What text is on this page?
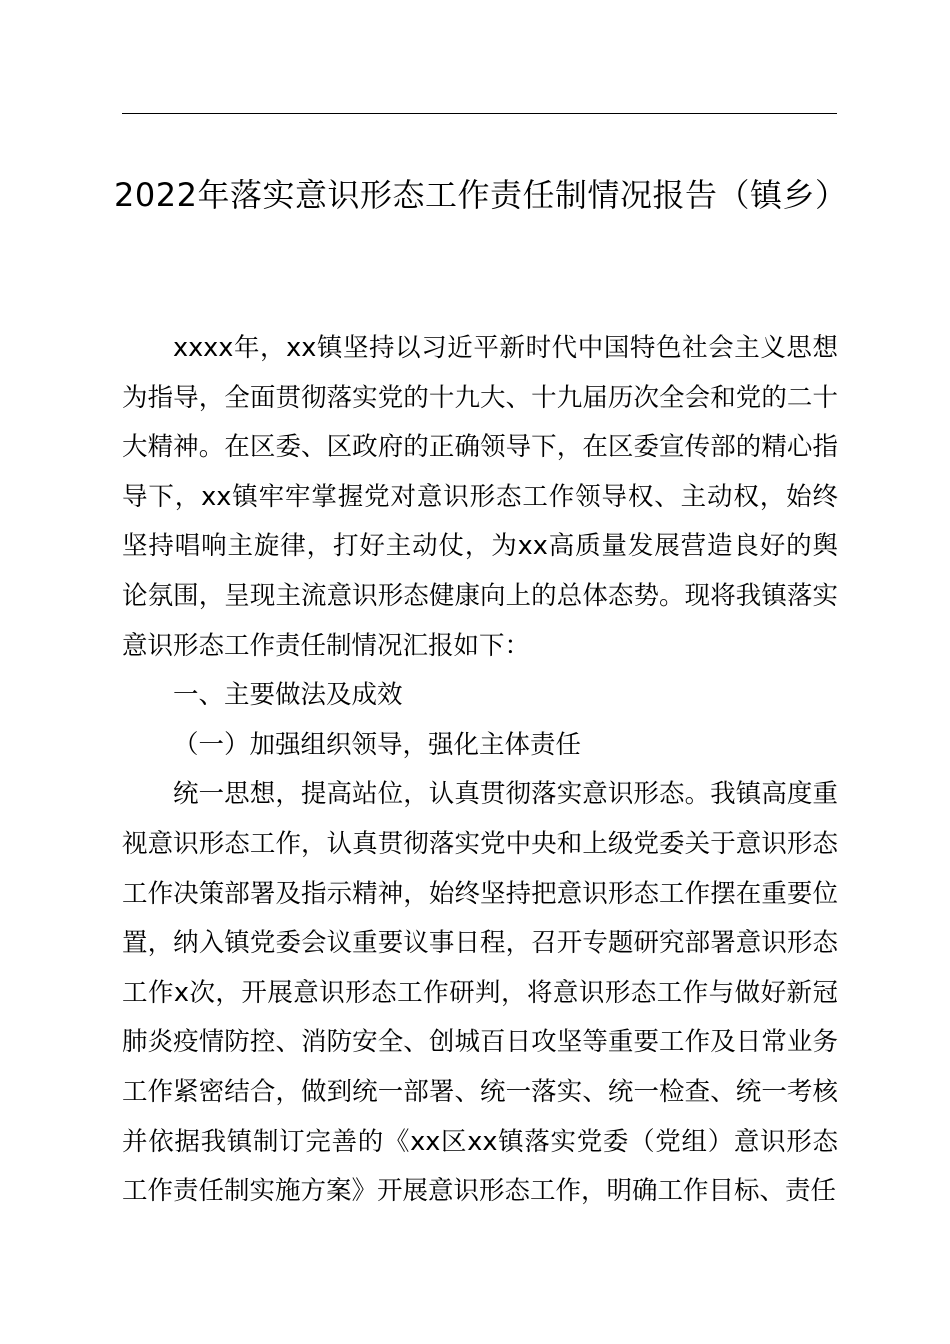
2022年落实意识形态工作责任制情况报告（镇乡）

xxxx年，xx镇坚持以习近平新时代中国特色社会主义思想为指导，全面贯彻落实党的十九大、十九届历次全会和党的二十大精神。在区委、区政府的正确领导下，在区委宣传部的精心指导下，xx镇牢牢掌握党对意识形态工作领导权、主动权，始终坚持唱响主旋律，打好主动仗，为xx高质量发展营造良好的舆论氛围，呈现主流意识形态健康向上的总体态势。现将我镇落实意识形态工作责任制情况汇报如下：

一、主要做法及成效

（一）加强组织领导，强化主体责任

统一思想，提高站位，认真贯彻落实意识形态。我镇高度重视意识形态工作，认真贯彻落实党中央和上级党委关于意识形态工作决策部署及指示精神，始终坚持把意识形态工作摆在重要位置，纳入镇党委会议重要议事日程，召开专题研究部署意识形态工作x次，开展意识形态工作研判，将意识形态工作与做好新冠肺炎疫情防控、消防安全、创城百日攻坚等重要工作及日常业务工作紧密结合，做到统一部署、统一落实、统一检查、统一考核并依据我镇制订完善的《xx区xx镇落实党委（党组）意识形态工作责任制实施方案》开展意识形态工作，明确工作目标、责任
